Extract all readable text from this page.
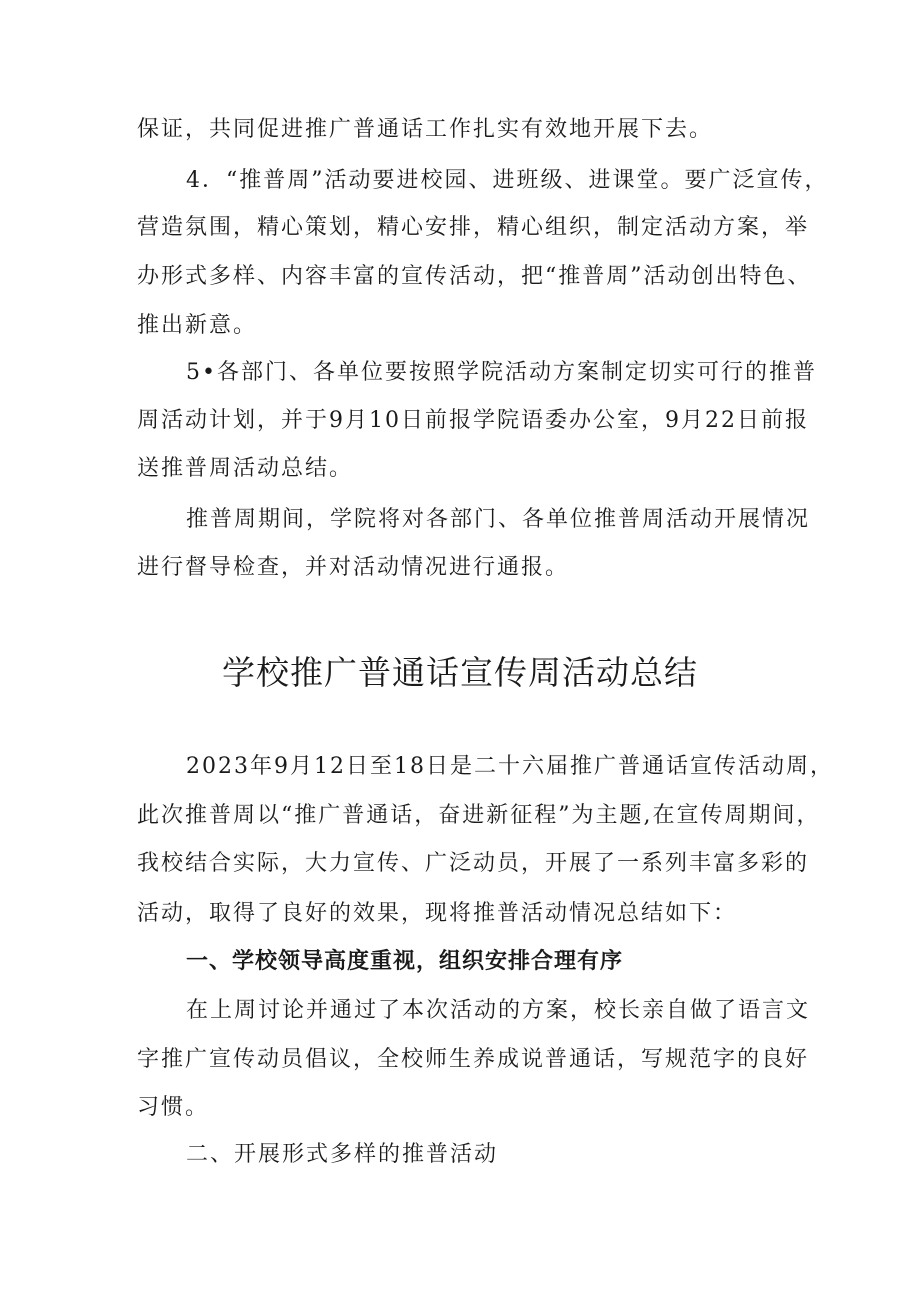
保证，共同促进推广普通话工作扎实有效地开展下去。
4．“推普周”活动要进校园、进班级、进课堂。要广泛宣传，
营造氛围，精心策划，精心安排，精心组织，制定活动方案，举
办形式多样、内容丰富的宣传活动，把“推普周”活动创出特色、
推出新意。
5•各部门、各单位要按照学院活动方案制定切实可行的推普
周活动计划，并于9月10日前报学院语委办公室，9月22日前报
送推普周活动总结。
推普周期间，学院将对各部门、各单位推普周活动开展情况
进行督导检查，并对活动情况进行通报。
学校推广普通话宣传周活动总结
2023年9月12日至18日是二十六届推广普通话宣传活动周，
此次推普周以“推广普通话，奋进新征程”为主题,在宣传周期间，
我校结合实际，大力宣传、广泛动员，开展了一系列丰富多彩的
活动，取得了良好的效果，现将推普活动情况总结如下：
一、学校领导高度重视，组织安排合理有序
在上周讨论并通过了本次活动的方案，校长亲自做了语言文
字推广宣传动员倡议，全校师生养成说普通话，写规范字的良好
习惯。
二、开展形式多样的推普活动
